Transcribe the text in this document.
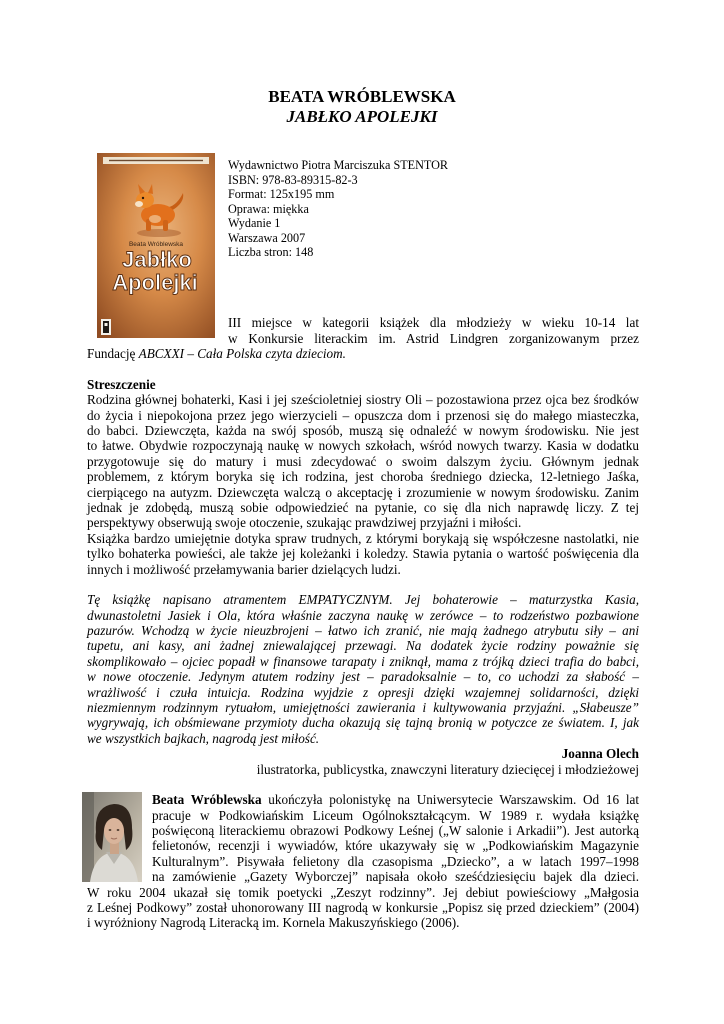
BEATA WRÓBLEWSKA
JABŁKO APOLEJKI
Beata Wróblewska
Jabłko
Apolejki
Wydawnictwo Piotra Marciszuka STENTOR
ISBN: 978-83-89315-82-3
Format: 125x195 mm
Oprawa: miękka
Wydanie 1
Warszawa 2007
Liczba stron: 148
III miejsce w kategorii książek dla młodzieży w wieku 10-14 lat
w Konkursie literackim im. Astrid Lindgren zorganizowanym przez
Fundację ABCXXI – Cała Polska czyta dzieciom.
Streszczenie
Rodzina głównej bohaterki, Kasi i jej sześcioletniej siostry Oli – pozostawiona przez ojca bez środków
do życia i niepokojona przez jego wierzycieli – opuszcza dom i przenosi się do małego miasteczka,
do babci. Dziewczęta, każda na swój sposób, muszą się odnaleźć w nowym środowisku. Nie jest
to łatwe. Obydwie rozpoczynają naukę w nowych szkołach, wśród nowych twarzy. Kasia w dodatku
przygotowuje się do matury i musi zdecydować o swoim dalszym życiu. Głównym jednak
problemem, z którym boryka się ich rodzina, jest choroba średniego dziecka, 12-letniego Jaśka,
cierpiącego na autyzm. Dziewczęta walczą o akceptację i zrozumienie w nowym środowisku. Zanim
jednak je zdobędą, muszą sobie odpowiedzieć na pytanie, co się dla nich naprawdę liczy. Z tej
perspektywy obserwują swoje otoczenie, szukając prawdziwej przyjaźni i miłości.
Książka bardzo umiejętnie dotyka spraw trudnych, z którymi borykają się współczesne nastolatki, nie
tylko bohaterka powieści, ale także jej koleżanki i koledzy. Stawia pytania o wartość poświęcenia dla
innych i możliwość przełamywania barier dzielących ludzi.
Tę książkę napisano atramentem EMPATYCZNYM. Jej bohaterowie – maturzystka Kasia,
dwunastoletni Jasiek i Ola, która właśnie zaczyna naukę w zerówce – to rodzeństwo pozbawione
pazurów. Wchodzą w życie nieuzbrojeni – łatwo ich zranić, nie mają żadnego atrybutu siły – ani
tupetu, ani kasy, ani żadnej zniewalającej przewagi. Na dodatek życie rodziny poważnie się
skomplikowało – ojciec popadł w finansowe tarapaty i zniknął, mama z trójką dzieci trafia do babci,
w nowe otoczenie. Jedynym atutem rodziny jest – paradoksalnie – to, co uchodzi za słabość –
wrażliwość i czuła intuicja. Rodzina wyjdzie z opresji dzięki wzajemnej solidarności, dzięki
niezmiennym rodzinnym rytuałom, umiejętności zawierania i kultywowania przyjaźni. „Słabeusze”
wygrywają, ich obśmiewane przymioty ducha okazują się tajną bronią w potyczce ze światem. I, jak
we wszystkich bajkach, nagrodą jest miłość.
Joanna Olech
ilustratorka, publicystka, znawczyni literatury dziecięcej i młodzieżowej
Beata Wróblewska ukończyła polonistykę na Uniwersytecie Warszawskim. Od 16 lat
pracuje w Podkowiańskim Liceum Ogólnokształcącym. W 1989 r. wydała książkę
poświęconą literackiemu obrazowi Podkowy Leśnej („W salonie i Arkadii”). Jest autorką
felietonów, recenzji i wywiadów, które ukazywały się w „Podkowiańskim Magazynie
Kulturalnym”. Pisywała felietony dla czasopisma „Dziecko”, a w latach 1997–1998
na zamówienie „Gazety Wyborczej” napisała około sześćdziesięciu bajek dla dzieci.
W roku 2004 ukazał się tomik poetycki „Zeszyt rodzinny”. Jej debiut powieściowy „Małgosia
z Leśnej Podkowy” został uhonorowany III nagrodą w konkursie „Popisz się przed dzieckiem” (2004)
i wyróżniony Nagrodą Literacką im. Kornela Makuszyńskiego (2006).
